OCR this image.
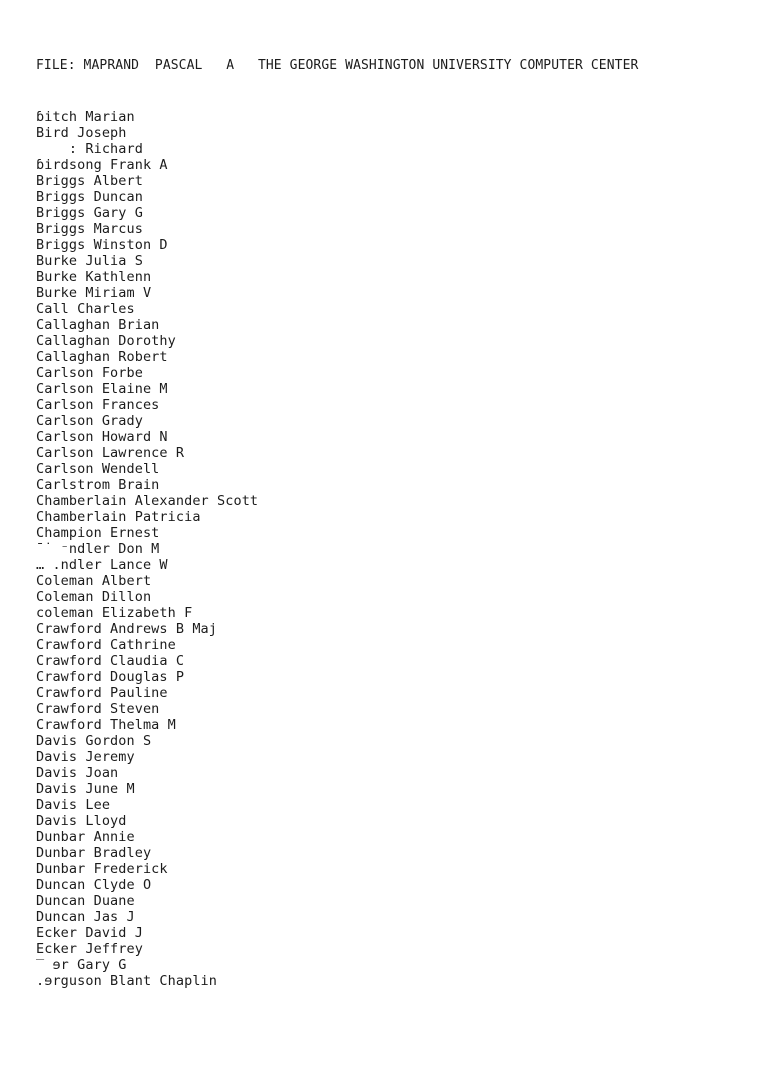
FILE: MAPRAND  PASCAL   A   THE GEORGE WASHINGTON UNIVERSITY COMPUTER CENTER
ɓitch Marian
Bird Joseph
: Richard
ɓirdsong Frank A
Briggs Albert
Briggs Duncan
Briggs Gary G
Briggs Marcus
Briggs Winston D
Burke Julia S
Burke Kathlenn
Burke Miriam V
Call Charles
Callaghan Brian
Callaghan Dorothy
Callaghan Robert
Carlson Forbe
Carlson Elaine M
Carlson Frances
Carlson Grady
Carlson Howard N
Carlson Lawrence R
Carlson Wendell
Carlstrom Brain
Chamberlain Alexander Scott
Chamberlain Patricia
Champion Ernest
ˉ˙ ⁻ndler Don M
… .ndler Lance W
Coleman Albert
Coleman Dillon
coleman Elizabeth F
Crawford Andrews B Maj
Crawford Cathrine
Crawford Claudia C
Crawford Douglas P
Crawford Pauline
Crawford Steven
Crawford Thelma M
Davis Gordon S
Davis Jeremy
Davis Joan
Davis June M
Davis Lee
Davis Lloyd
Dunbar Annie
Dunbar Bradley
Dunbar Frederick
Duncan Clyde O
Duncan Duane
Duncan Jas J
Ecker David J
Ecker Jeffrey
‾ ɘr Gary G
.ɘrguson Blant Chaplin
